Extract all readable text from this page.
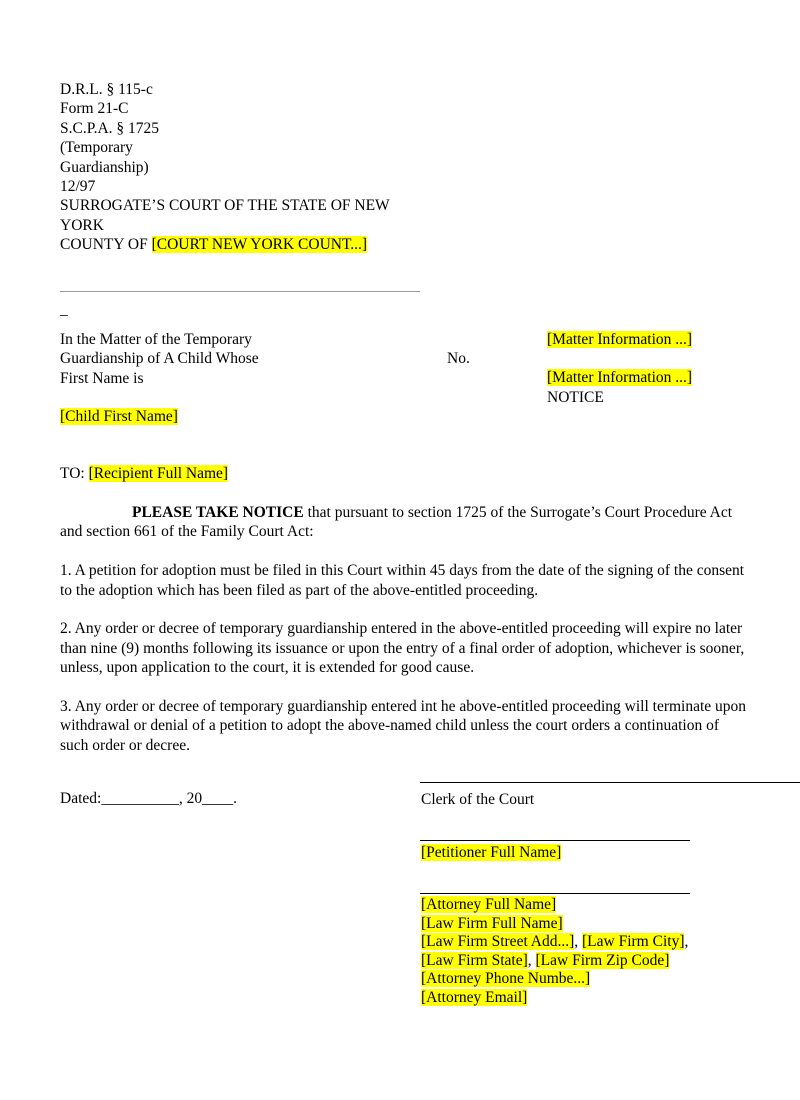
D.R.L. § 115-c
Form 21-C
S.C.P.A. § 1725
(Temporary
Guardianship)
12/97
SURROGATE’S COURT OF THE STATE OF NEW
YORK
COUNTY OF [COURT NEW YORK COUNT...]
_
In the Matter of the Temporary
Guardianship of A Child Whose
First Name is
No.
[Matter Information ...]
[Matter Information ...]
NOTICE
[Child First Name]
TO: [Recipient Full Name]

PLEASE TAKE NOTICE that pursuant to section 1725 of the Surrogate’s Court Procedure Act and section 661 of the Family Court Act:

1. A petition for adoption must be filed in this Court within 45 days from the date of the signing of the consent to the adoption which has been filed as part of the above-entitled proceeding.

2. Any order or decree of temporary guardianship entered in the above-entitled proceeding will expire no later than nine (9) months following its issuance or upon the entry of a final order of adoption, whichever is sooner, unless, upon application to the court, it is extended for good cause.

3. Any order or decree of temporary guardianship entered int he above-entitled proceeding will terminate upon withdrawal or denial of a petition to adopt the above-named child unless the court orders a continuation of such order or decree.

Dated:__________, 20____.	Clerk of the Court
[Petitioner Full Name]
[Attorney Full Name]
[Law Firm Full Name]
[Law Firm Street Add...], [Law Firm City],
[Law Firm State], [Law Firm Zip Code]
[Attorney Phone Numbe...]
[Attorney Email]
